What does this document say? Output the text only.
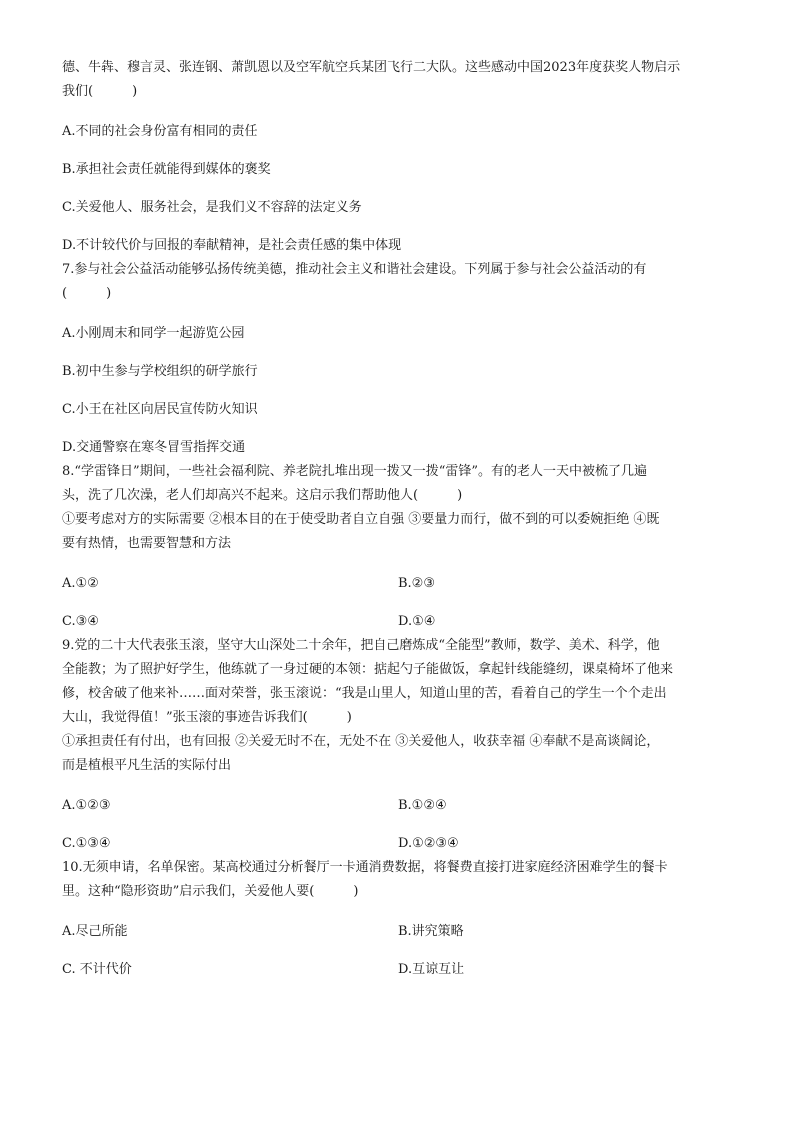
德、牛犇、穆言灵、张连钢、萧凯恩以及空军航空兵某团飞行二大队。这些感动中国2023年度获奖人物启示

我们(　　　)

A.不同的社会身份富有相同的责任

B.承担社会责任就能得到媒体的褒奖

C.关爱他人、服务社会，是我们义不容辞的法定义务

D.不计较代价与回报的奉献精神，是社会责任感的集中体现

7.参与社会公益活动能够弘扬传统美德，推动社会主义和谐社会建设。下列属于参与社会公益活动的有

(　　　)

A.小刚周末和同学一起游览公园

B.初中生参与学校组织的研学旅行

C.小王在社区向居民宣传防火知识

D.交通警察在寒冬冒雪指挥交通

8.“学雷锋日”期间，一些社会福利院、养老院扎堆出现一拨又一拨“雷锋”。有的老人一天中被梳了几遍

头，洗了几次澡，老人们却高兴不起来。这启示我们帮助他人(　　　)

①要考虑对方的实际需要 ②根本目的在于使受助者自立自强 ③要量力而行，做不到的可以委婉拒绝 ④既

要有热情，也需要智慧和方法

A.①②	B.②③
C.③④	D.①④

9.党的二十大代表张玉滚，坚守大山深处二十余年，把自己磨炼成“全能型”教师，数学、美术、科学，他

全能教；为了照护好学生，他练就了一身过硬的本领：掂起勺子能做饭，拿起针线能缝纫，课桌椅坏了他来

修，校舍破了他来补……面对荣誉，张玉滚说：“我是山里人，知道山里的苦，看着自己的学生一个个走出

大山，我觉得值！”张玉滚的事迹告诉我们(　　　)

①承担责任有付出，也有回报 ②关爱无时不在，无处不在 ③关爱他人，收获幸福 ④奉献不是高谈阔论，

而是植根平凡生活的实际付出

A.①②③	B.①②④
C.①③④	D.①②③④

10.无须申请，名单保密。某高校通过分析餐厅一卡通消费数据，将餐费直接打进家庭经济困难学生的餐卡

里。这种“隐形资助”启示我们，关爱他人要(　　　)

A.尽己所能	B.讲究策略
C. 不计代价	D.互谅互让
